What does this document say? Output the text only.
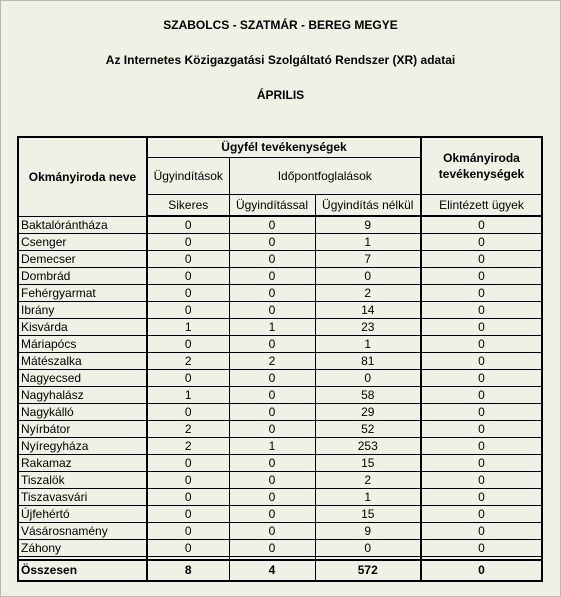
SZABOLCS - SZATMÁR - BEREG MEGYE
Az Internetes Közigazgatási Szolgáltató Rendszer (XR) adatai
ÁPRILIS
Okmányiroda neve	Ügyfél tevékenységek			Okmányiroda tevékenységek
	Ügyindítások	Időpontfoglalások		
	Sikeres	Ügyindítással	Ügyindítás nélkül	Elintézett ügyek
Baktalórántháza	0	0	9	0
Csenger	0	0	1	0
Demecser	0	0	7	0
Dombrád	0	0	0	0
Fehérgyarmat	0	0	2	0
Ibrány	0	0	14	0
Kisvárda	1	1	23	0
Máriapócs	0	0	1	0
Mátészalka	2	2	81	0
Nagyecsed	0	0	0	0
Nagyhalász	1	0	58	0
Nagykálló	0	0	29	0
Nyírbátor	2	0	52	0
Nyíregyháza	2	1	253	0
Rakamaz	0	0	15	0
Tiszalök	0	0	2	0
Tiszavasvári	0	0	1	0
Újfehértó	0	0	15	0
Vásárosnamény	0	0	9	0
Záhony	0	0	0	0

Összesen	8	4	572	0
